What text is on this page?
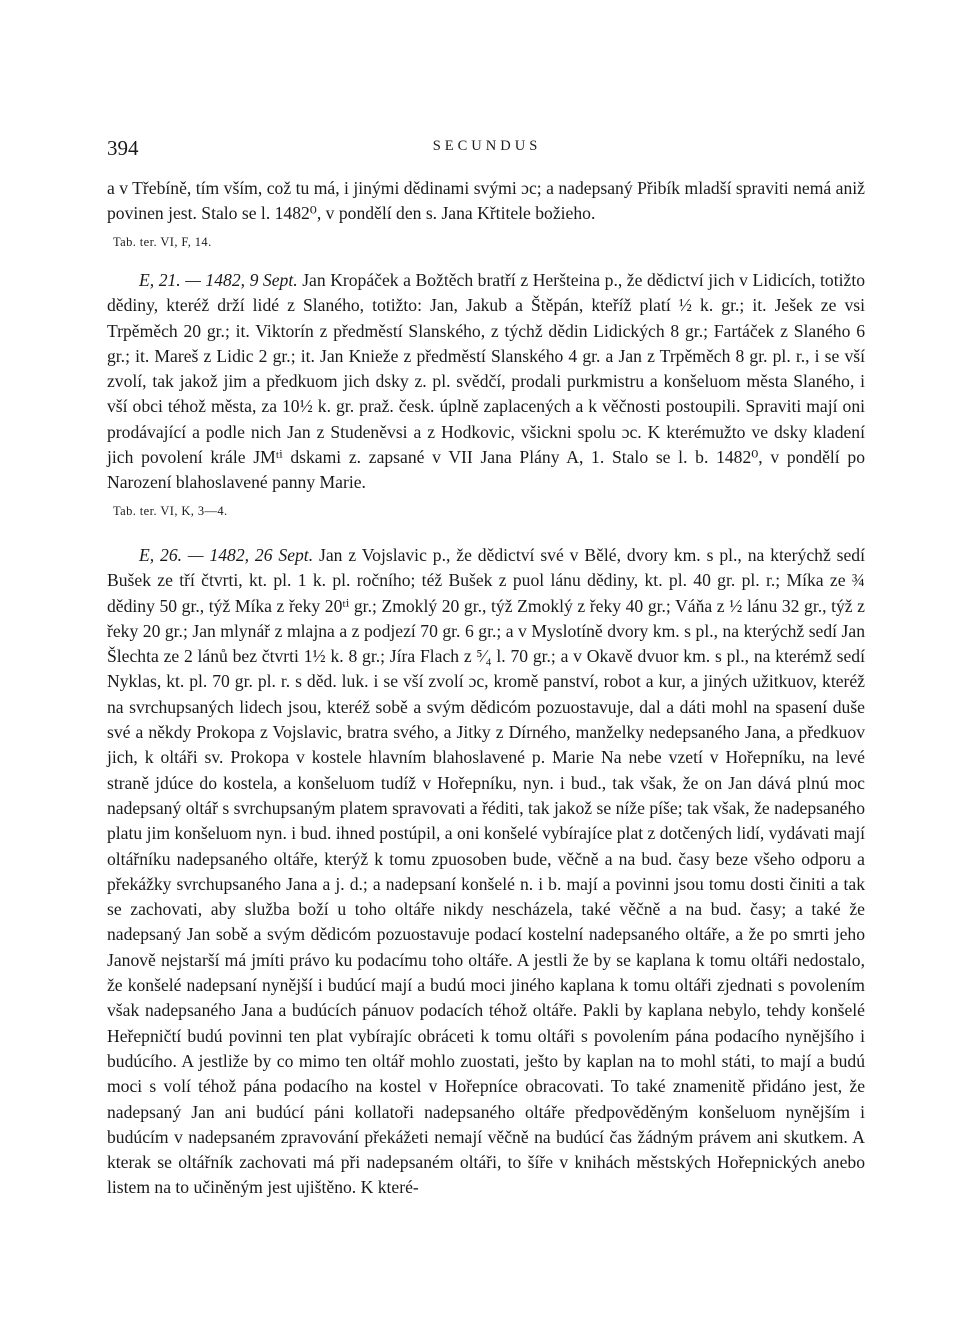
394	SECUNDUS

a v Třebíně, tím vším, což tu má, i jinými dědinami svými ɔc; a nadepsaný Přibík mladší spraviti nemá aniž povinen jest. Stalo se l. 1482⁰, v pondělí den s. Jana Křtitele božieho.

Tab. ter. VI, F, 14.

E, 21. — 1482, 9 Sept. Jan Kropáček a Božtěch bratří z Heršteina p., že dědictví jich v Lidicích, totižto dědiny, kteréž drží lidé z Slaného, totižto: Jan, Jakub a Štěpán, kteříž platí ½ k. gr.; it. Ješek ze vsi Trpěměch 20 gr.; it. Viktorín z předměstí Slanského, z týchž dědin Lidických 8 gr.; Fartáček z Slaného 6 gr.; it. Mareš z Lidic 2 gr.; it. Jan Knieže z předměstí Slanského 4 gr. a Jan z Trpěměch 8 gr. pl. r., i se vší zvolí, tak jakož jim a předkuom jich dsky z. pl. svědčí, prodali purkmistru a konšeluom města Slaného, i vší obci téhož města, za 10½ k. gr. praž. česk. úplně zaplacených a k věčnosti postoupili. Spraviti mají oni prodávající a podle nich Jan z Studeněvsi a z Hodkovic, všickni spolu ɔc. K kterémužto ve dsky kladení jich povolení krále JMᵗⁱ dskami z. zapsané v VII Jana Plány A, 1. Stalo se l. b. 1482⁰, v pondělí po Narození blahoslavené panny Marie.

Tab. ter. VI, K, 3—4.

E, 26. — 1482, 26 Sept. Jan z Vojslavic p., že dědictví své v Bělé, dvory km. s pl., na kterýchž sedí Bušek ze tří čtvrti, kt. pl. 1 k. pl. ročního; též Bušek z puol lánu dědiny, kt. pl. 40 gr. pl. r.; Míka ze ¾ dědiny 50 gr., týž Míka z řeky 20ᵗⁱ gr.; Zmoklý 20 gr., týž Zmoklý z řeky 40 gr.; Váňa z ½ lánu 32 gr., týž z řeky 20 gr.; Jan mlynář z mlajna a z podjezí 70 gr. 6 gr.; a v Myslotíně dvory km. s pl., na kterýchž sedí Jan Šlechta ze 2 lánů bez čtvrti 1½ k. 8 gr.; Jíra Flach z ⁵⁄₄ l. 70 gr.; a v Okavě dvuor km. s pl., na kterémž sedí Nyklas, kt. pl. 70 gr. pl. r. s děd. luk. i se vší zvolí ɔc, kromě panství, robot a kur, a jiných užitkuov, kteréž na svrchupsaných lidech jsou, kteréž sobě a svým dědicóm pozuostavuje, dal a dáti mohl na spasení duše své a někdy Prokopa z Vojslavic, bratra svého, a Jitky z Dírného, manželky nedepsaného Jana, a předkuov jich, k oltáři sv. Prokopa v kostele hlavním blahoslavené p. Marie Na nebe vzetí v Hořepníku, na levé straně jdúce do kostela, a konšeluom tudíž v Hořepníku, nyn. i bud., tak však, že on Jan dává plnú moc nadepsaný oltář s svrchupsaným platem spravovati a řéditi, tak jakož se níže píše; tak však, že nadepsaného platu jim konšeluom nyn. i bud. ihned postúpil, a oni konšelé vybírajíce plat z dotčených lidí, vydávati mají oltářníku nadepsaného oltáře, kterýž k tomu zpuosoben bude, věčně a na bud. časy beze všeho odporu a překážky svrchupsaného Jana a j. d.; a nadepsaní konšelé n. i b. mají a povinni jsou tomu dosti činiti a tak se zachovati, aby služba boží u toho oltáře nikdy nescházela, také věčně a na bud. časy; a také že nadepsaný Jan sobě a svým dědicóm pozuostavuje podací kostelní nadepsaného oltáře, a že po smrti jeho Janově nejstarší má jmíti právo ku podacímu toho oltáře. A jestli že by se kaplana k tomu oltáři nedostalo, že konšelé nadepsaní nynější i budúcí mají a budú moci jiného kaplana k tomu oltáři zjednati s povolením však nadepsaného Jana a budúcích pánuov podacích téhož oltáře. Pakli by kaplana nebylo, tehdy konšelé Heřepničtí budú povinni ten plat vybírajíc obráceti k tomu oltáři s povolením pána podacího nynějšího i budúcího. A jestliže by co mimo ten oltář mohlo zuostati, ješto by kaplan na to mohl státi, to mají a budú moci s volí téhož pána podacího na kostel v Hořepníce obracovati. To také znamenitě přidáno jest, že nadepsaný Jan ani budúcí páni kollatoři nadepsaného oltáře předpověděným konšeluom nynějším i budúcím v nadepsaném zpravování překážeti nemají věčně na budúcí čas žádným právem ani skutkem. A kterak se oltářník zachovati má při nadepsaném oltáři, to šíře v knihách městských Hořepnických anebo listem na to učiněným jest ujištěno. K které-
